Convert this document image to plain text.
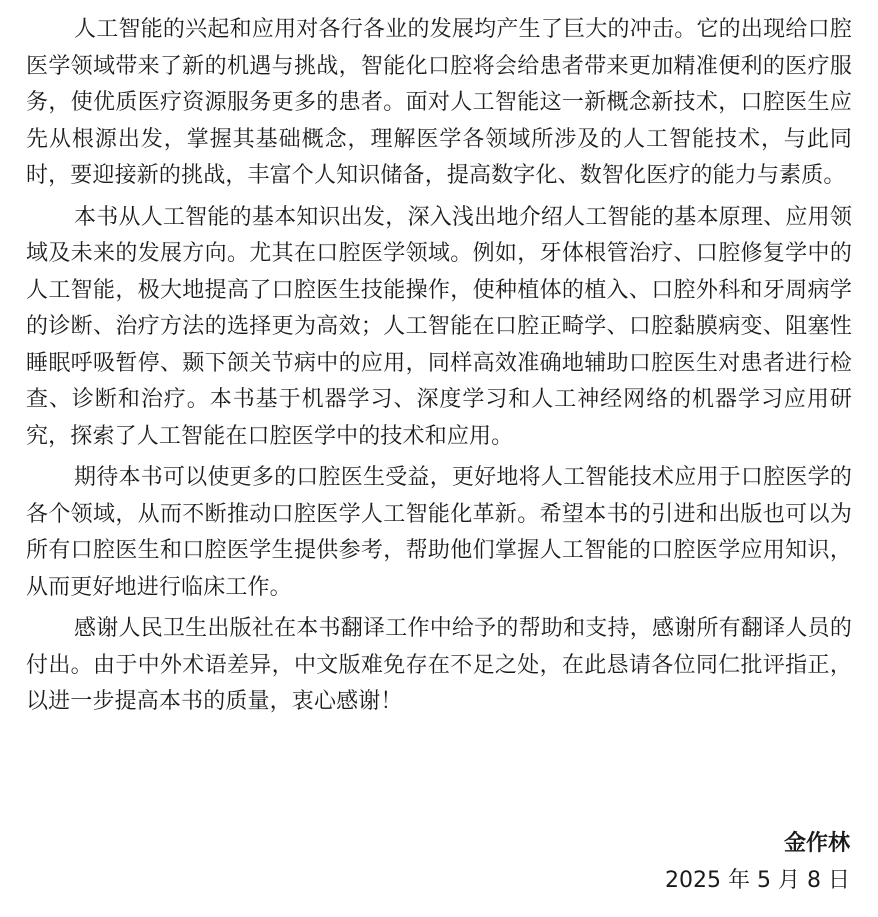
人工智能的兴起和应用对各行各业的发展均产生了巨大的冲击。它的出现给口腔医学领域带来了新的机遇与挑战，智能化口腔将会给患者带来更加精准便利的医疗服务，使优质医疗资源服务更多的患者。面对人工智能这一新概念新技术，口腔医生应先从根源出发，掌握其基础概念，理解医学各领域所涉及的人工智能技术，与此同时，要迎接新的挑战，丰富个人知识储备，提高数字化、数智化医疗的能力与素质。

本书从人工智能的基本知识出发，深入浅出地介绍人工智能的基本原理、应用领域及未来的发展方向。尤其在口腔医学领域。例如，牙体根管治疗、口腔修复学中的人工智能，极大地提高了口腔医生技能操作，使种植体的植入、口腔外科和牙周病学的诊断、治疗方法的选择更为高效；人工智能在口腔正畸学、口腔黏膜病变、阻塞性睡眠呼吸暂停、颞下颌关节病中的应用，同样高效准确地辅助口腔医生对患者进行检查、诊断和治疗。本书基于机器学习、深度学习和人工神经网络的机器学习应用研究，探索了人工智能在口腔医学中的技术和应用。

期待本书可以使更多的口腔医生受益，更好地将人工智能技术应用于口腔医学的各个领域，从而不断推动口腔医学人工智能化革新。希望本书的引进和出版也可以为所有口腔医生和口腔医学生提供参考，帮助他们掌握人工智能的口腔医学应用知识，从而更好地进行临床工作。

感谢人民卫生出版社在本书翻译工作中给予的帮助和支持，感谢所有翻译人员的付出。由于中外术语差异，中文版难免存在不足之处，在此恳请各位同仁批评指正，以进一步提高本书的质量，衷心感谢！

金作林
2025 年 5 月 8 日
